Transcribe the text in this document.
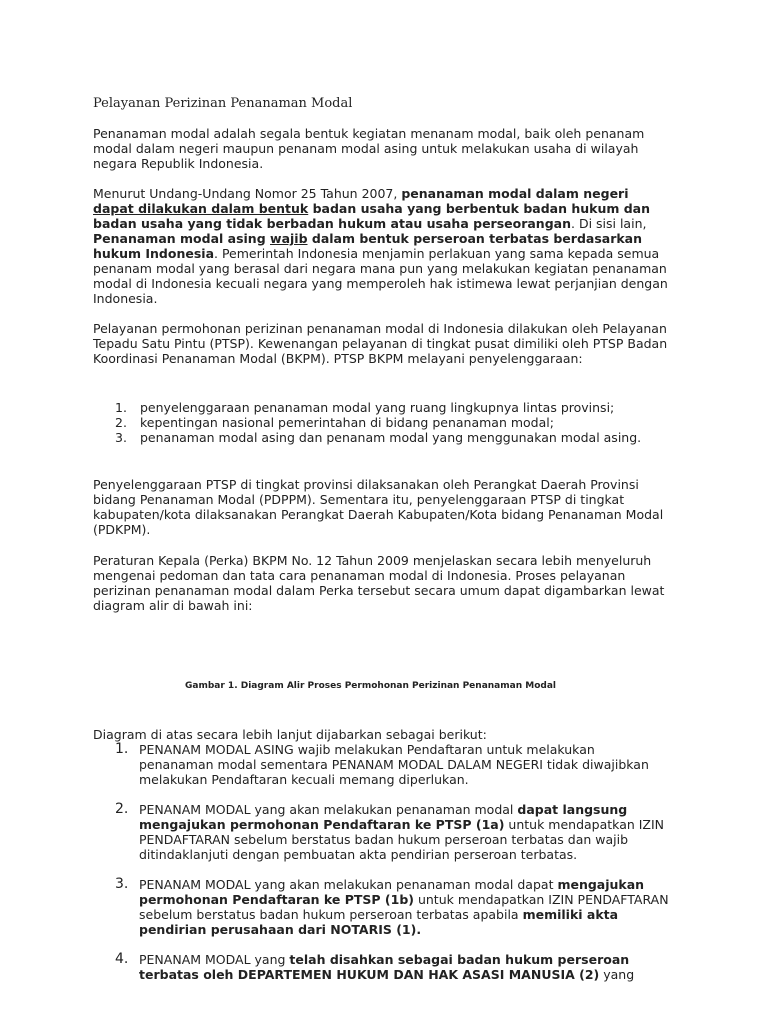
Pelayanan Perizinan Penanaman Modal

Penanaman modal adalah segala bentuk kegiatan menanam modal, baik oleh penanam modal dalam negeri maupun penanam modal asing untuk melakukan usaha di wilayah negara Republik Indonesia.

Menurut Undang-Undang Nomor 25 Tahun 2007, penanaman modal dalam negeri dapat dilakukan dalam bentuk badan usaha yang berbentuk badan hukum dan badan usaha yang tidak berbadan hukum atau usaha perseorangan. Di sisi lain, Penanaman modal asing wajib dalam bentuk perseroan terbatas berdasarkan hukum Indonesia. Pemerintah Indonesia menjamin perlakuan yang sama kepada semua penanam modal yang berasal dari negara mana pun yang melakukan kegiatan penanaman modal di Indonesia kecuali negara yang memperoleh hak istimewa lewat perjanjian dengan Indonesia.

Pelayanan permohonan perizinan penanaman modal di Indonesia dilakukan oleh Pelayanan Tepadu Satu Pintu (PTSP). Kewenangan pelayanan di tingkat pusat dimiliki oleh PTSP Badan Koordinasi Penanaman Modal (BKPM). PTSP BKPM melayani penyelenggaraan:

1. penyelenggaraan penanaman modal yang ruang lingkupnya lintas provinsi;
2. kepentingan nasional pemerintahan di bidang penanaman modal;
3. penanaman modal asing dan penanam modal yang menggunakan modal asing.

Penyelenggaraan PTSP di tingkat provinsi dilaksanakan oleh Perangkat Daerah Provinsi bidang Penanaman Modal (PDPPM). Sementara itu, penyelenggaraan PTSP di tingkat kabupaten/kota dilaksanakan Perangkat Daerah Kabupaten/Kota bidang Penanaman Modal (PDKPM).

Peraturan Kepala (Perka) BKPM No. 12 Tahun 2009 menjelaskan secara lebih menyeluruh mengenai pedoman dan tata cara penanaman modal di Indonesia. Proses pelayanan perizinan penanaman modal dalam Perka tersebut secara umum dapat digambarkan lewat diagram alir di bawah ini:

Gambar 1. Diagram Alir Proses Permohonan Perizinan Penanaman Modal

Diagram di atas secara lebih lanjut dijabarkan sebagai berikut:

1. PENANAM MODAL ASING wajib melakukan Pendaftaran untuk melakukan penanaman modal sementara PENANAM MODAL DALAM NEGERI tidak diwajibkan melakukan Pendaftaran kecuali memang diperlukan.
2. PENANAM MODAL yang akan melakukan penanaman modal dapat langsung mengajukan permohonan Pendaftaran ke PTSP (1a) untuk mendapatkan IZIN PENDAFTARAN sebelum berstatus badan hukum perseroan terbatas dan wajib ditindaklanjuti dengan pembuatan akta pendirian perseroan terbatas.
3. PENANAM MODAL yang akan melakukan penanaman modal dapat mengajukan permohonan Pendaftaran ke PTSP (1b) untuk mendapatkan IZIN PENDAFTARAN sebelum berstatus badan hukum perseroan terbatas apabila memiliki akta pendirian perusahaan dari NOTARIS (1).
4. PENANAM MODAL yang telah disahkan sebagai badan hukum perseroan terbatas oleh DEPARTEMEN HUKUM DAN HAK ASASI MANUSIA (2) yang
